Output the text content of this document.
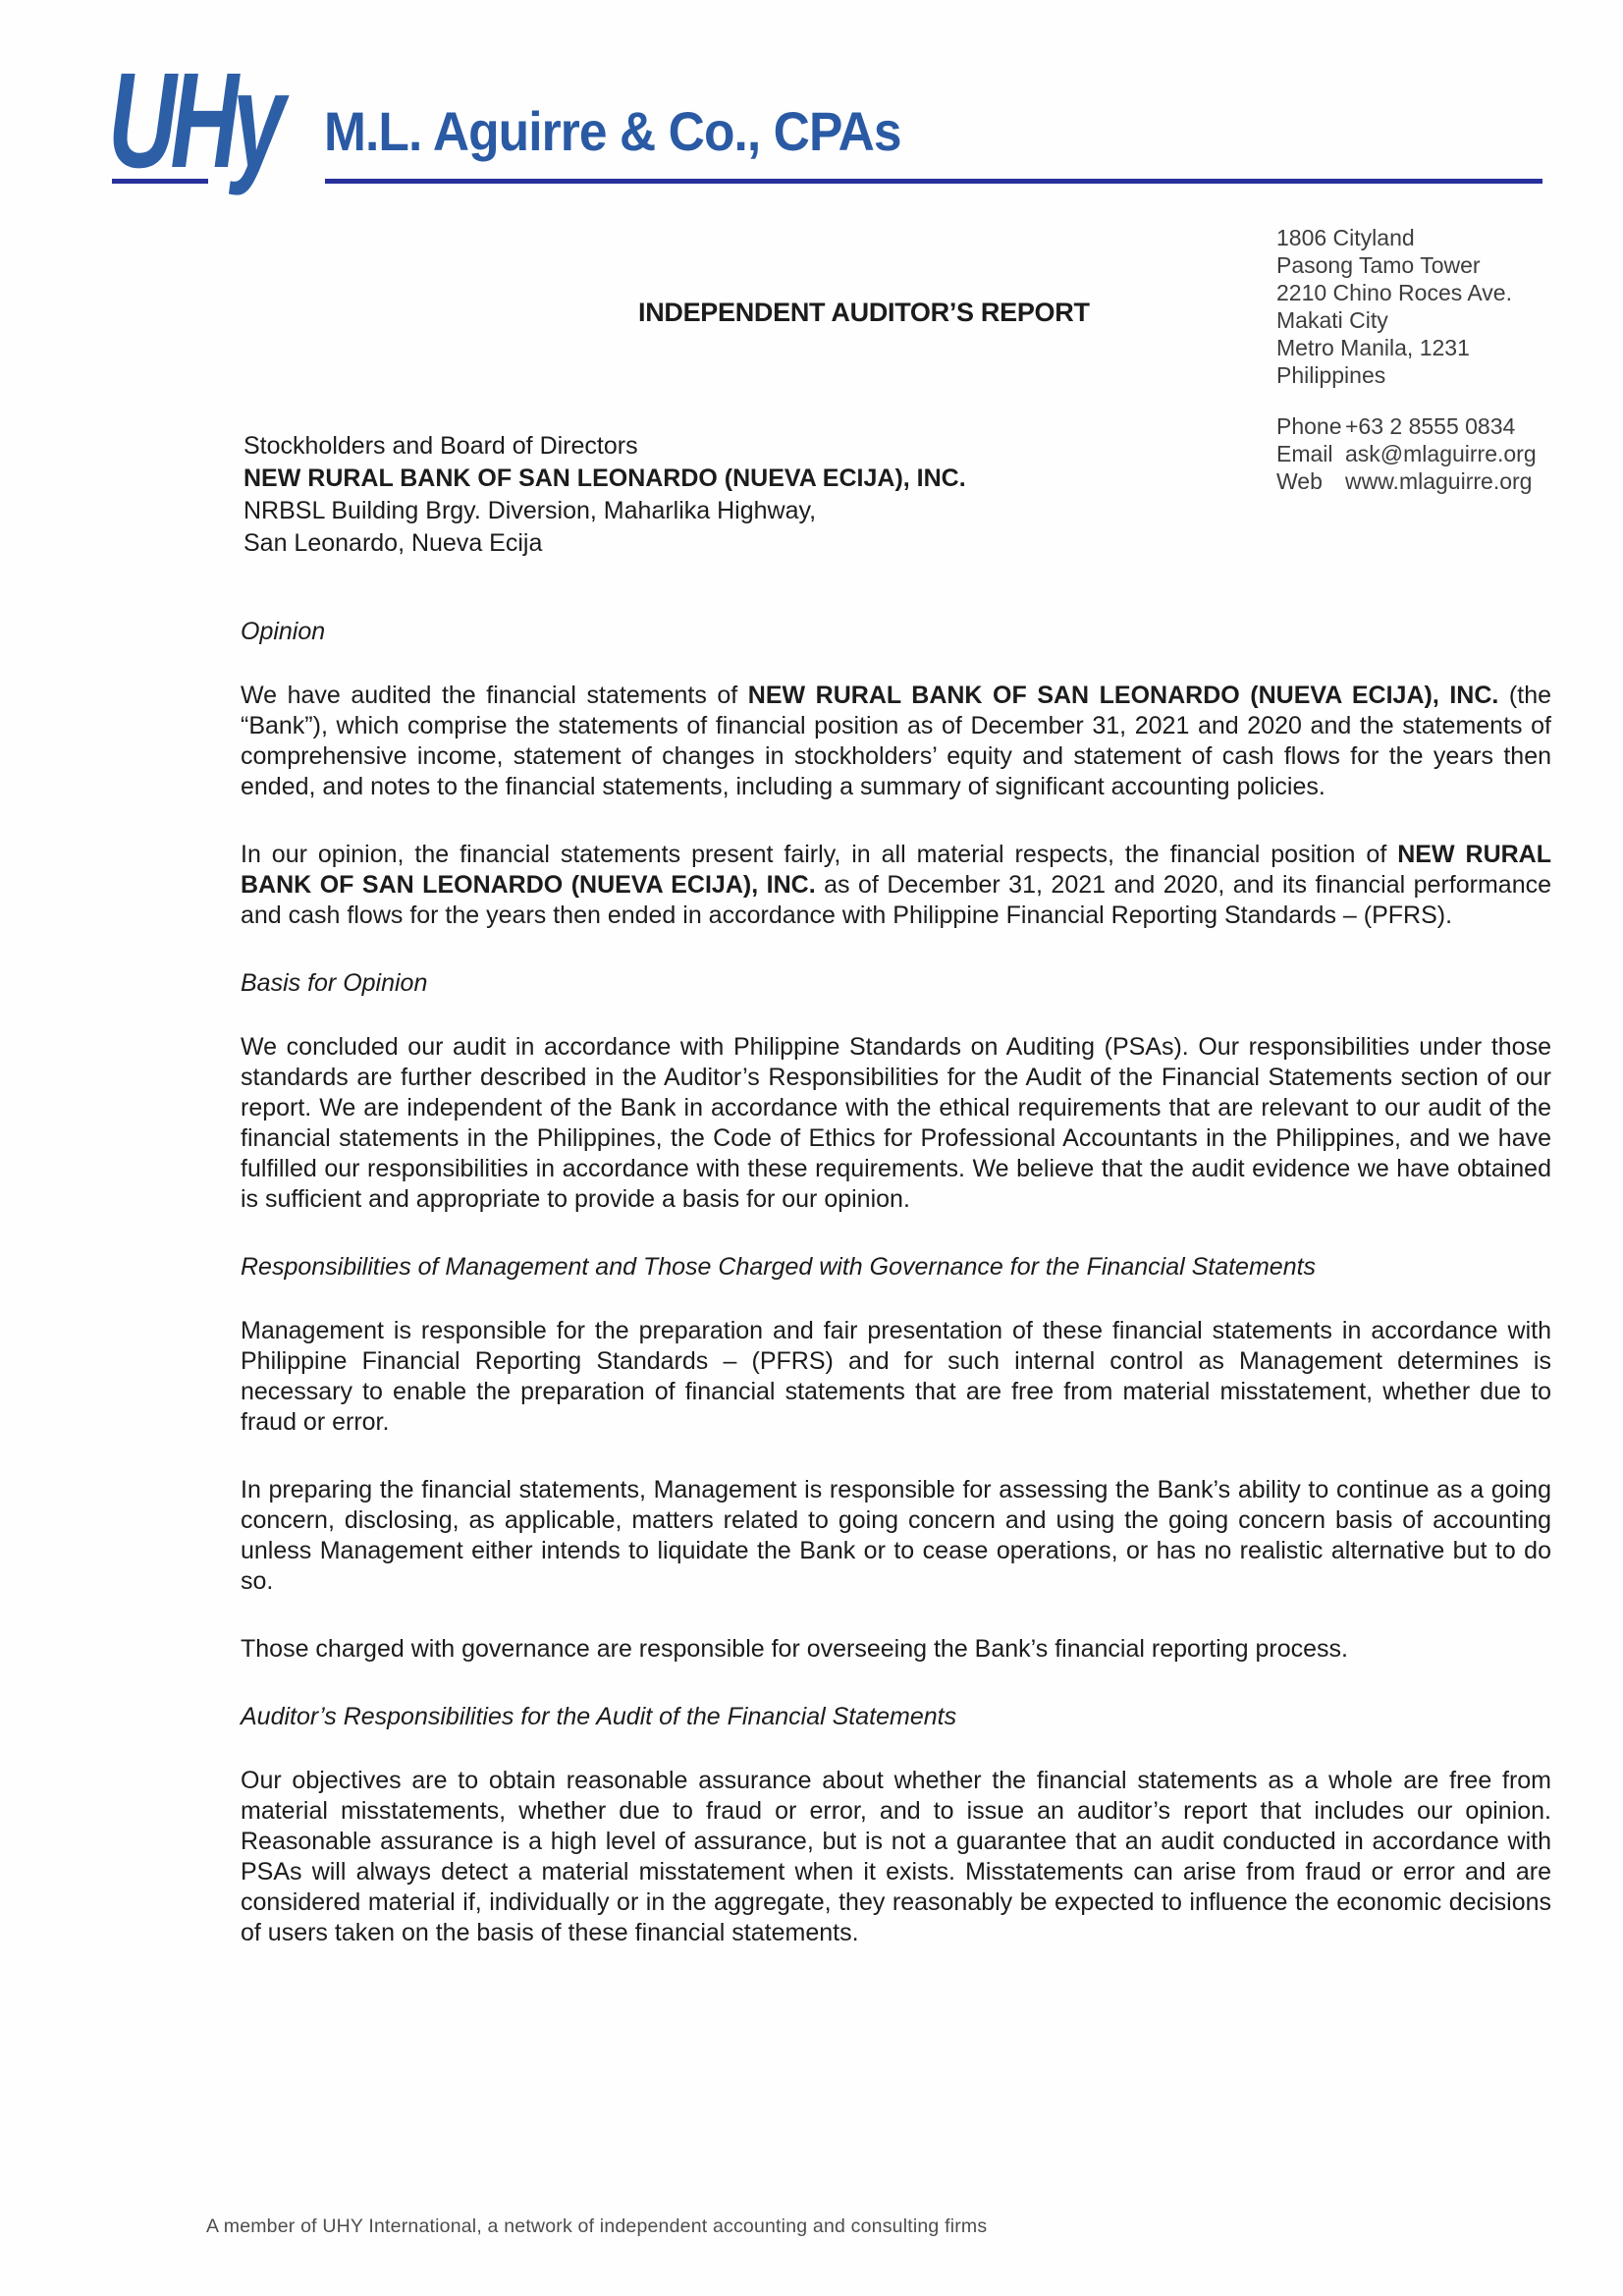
UHy M.L. Aguirre & Co., CPAs
1806 Cityland
Pasong Tamo Tower
2210 Chino Roces Ave.
Makati City
Metro Manila, 1231
Philippines
Phone +63 2 8555 0834
Email ask@mlaguirre.org
Web www.mlaguirre.org
INDEPENDENT AUDITOR’S REPORT
Stockholders and Board of Directors
NEW RURAL BANK OF SAN LEONARDO (NUEVA ECIJA), INC.
NRBSL Building Brgy. Diversion, Maharlika Highway,
San Leonardo, Nueva Ecija
Opinion

We have audited the financial statements of NEW RURAL BANK OF SAN LEONARDO (NUEVA ECIJA), INC. (the “Bank”), which comprise the statements of financial position as of December 31, 2021 and 2020 and the statements of comprehensive income, statement of changes in stockholders’ equity and statement of cash flows for the years then ended, and notes to the financial statements, including a summary of significant accounting policies.

In our opinion, the financial statements present fairly, in all material respects, the financial position of NEW RURAL BANK OF SAN LEONARDO (NUEVA ECIJA), INC. as of December 31, 2021 and 2020, and its financial performance and cash flows for the years then ended in accordance with Philippine Financial Reporting Standards – (PFRS).

Basis for Opinion

We concluded our audit in accordance with Philippine Standards on Auditing (PSAs). Our responsibilities under those standards are further described in the Auditor’s Responsibilities for the Audit of the Financial Statements section of our report. We are independent of the Bank in accordance with the ethical requirements that are relevant to our audit of the financial statements in the Philippines, the Code of Ethics for Professional Accountants in the Philippines, and we have fulfilled our responsibilities in accordance with these requirements. We believe that the audit evidence we have obtained is sufficient and appropriate to provide a basis for our opinion.

Responsibilities of Management and Those Charged with Governance for the Financial Statements

Management is responsible for the preparation and fair presentation of these financial statements in accordance with Philippine Financial Reporting Standards – (PFRS) and for such internal control as Management determines is necessary to enable the preparation of financial statements that are free from material misstatement, whether due to fraud or error.

In preparing the financial statements, Management is responsible for assessing the Bank’s ability to continue as a going concern, disclosing, as applicable, matters related to going concern and using the going concern basis of accounting unless Management either intends to liquidate the Bank or to cease operations, or has no realistic alternative but to do so.

Those charged with governance are responsible for overseeing the Bank’s financial reporting process.

Auditor’s Responsibilities for the Audit of the Financial Statements

Our objectives are to obtain reasonable assurance about whether the financial statements as a whole are free from material misstatements, whether due to fraud or error, and to issue an auditor’s report that includes our opinion. Reasonable assurance is a high level of assurance, but is not a guarantee that an audit conducted in accordance with PSAs will always detect a material misstatement when it exists. Misstatements can arise from fraud or error and are considered material if, individually or in the aggregate, they reasonably be expected to influence the economic decisions of users taken on the basis of these financial statements.

A member of UHY International, a network of independent accounting and consulting firms
